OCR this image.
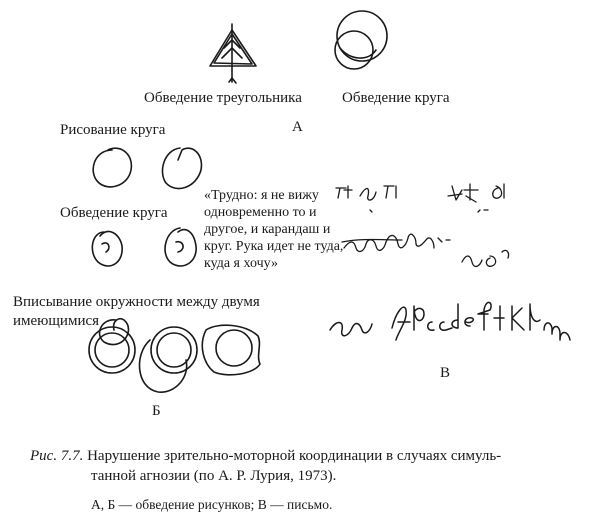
Обведение треугольника	Обведение круга
А
Рисование круга
Обведение круга
«Трудно: я не вижу одновременно то и другое, и карандаш и круг. Рука идет не туда, куда я хочу»
Вписывание окружности между двумя
имеющимися
Б
В
Рис. 7.7. Нарушение зрительно-моторной координации в случаях симуль-
танной агнозии (по А. Р. Лурия, 1973).
А, Б — обведение рисунков; В — письмо.
